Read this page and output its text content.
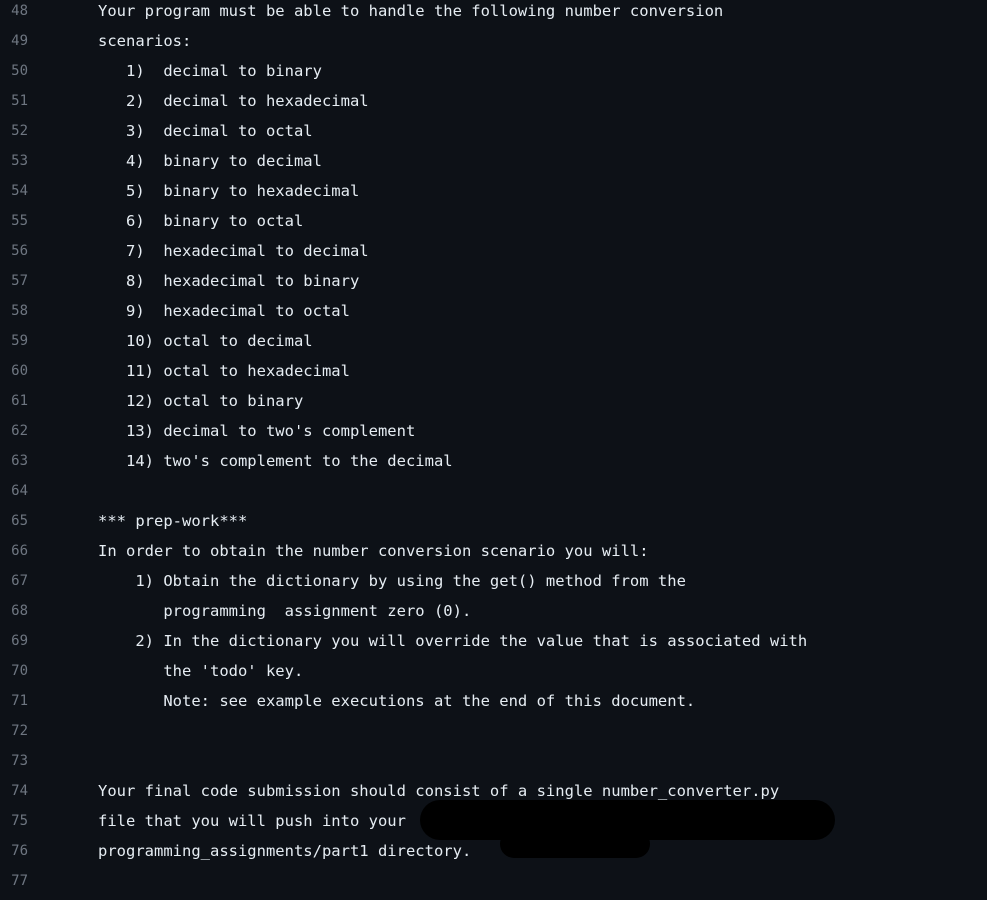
48	Your program must be able to handle the following number conversion
49	scenarios:
50	1)  decimal to binary
51	2)  decimal to hexadecimal
52	3)  decimal to octal
53	4)  binary to decimal
54	5)  binary to hexadecimal
55	6)  binary to octal
56	7)  hexadecimal to decimal
57	8)  hexadecimal to binary
58	9)  hexadecimal to octal
59	10) octal to decimal
60	11) octal to hexadecimal
61	12) octal to binary
62	13) decimal to two's complement
63	14) two's complement to the decimal
64
65	*** prep-work***
66	In order to obtain the number conversion scenario you will:
67	1) Obtain the dictionary by using the get() method from the
68	programming  assignment zero (0).
69	2) In the dictionary you will override the value that is associated with
70	the 'todo' key.
71	Note: see example executions at the end of this document.
72
73
74	Your final code submission should consist of a single number_converter.py
75	file that you will push into your
76	programming_assignments/part1 directory.
77
